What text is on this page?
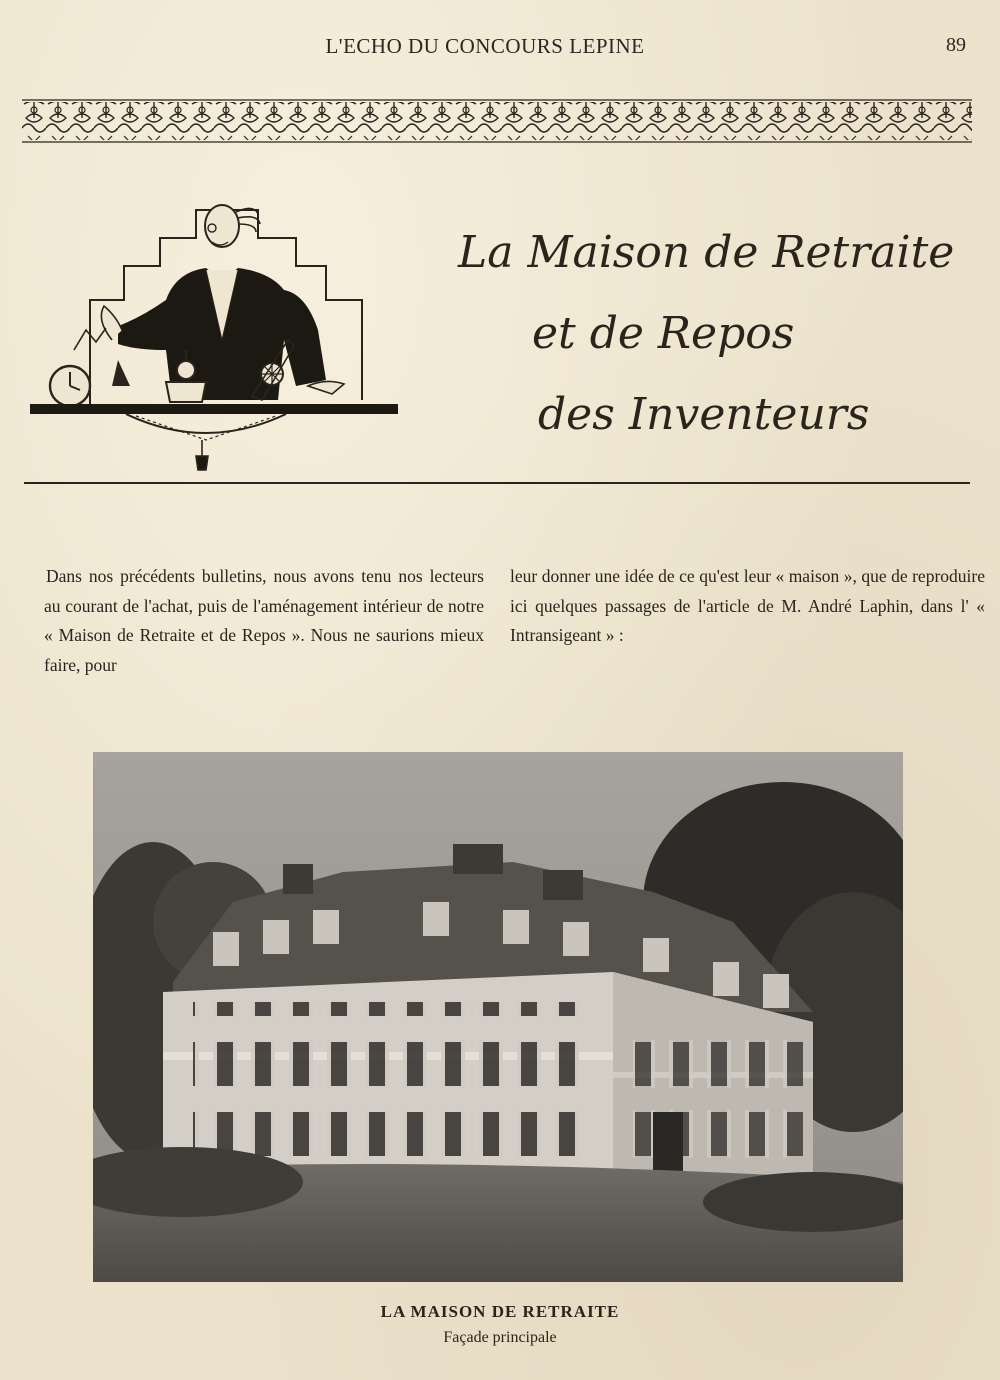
L'ECHO DU CONCOURS LEPINE	89
La Maison de Retraite
et de Repos
des Inventeurs
Dans nos précédents bulletins, nous avons tenu nos lecteurs au courant de l'achat, puis de l'aménagement intérieur de notre « Maison de Retraite et de Repos ». Nous ne saurions mieux faire, pour
leur donner une idée de ce qu'est leur « maison », que de reproduire ici quelques passages de l'article de M. André Laphin, dans l' « Intransigeant » :
LA MAISON DE RETRAITE
Façade principale
